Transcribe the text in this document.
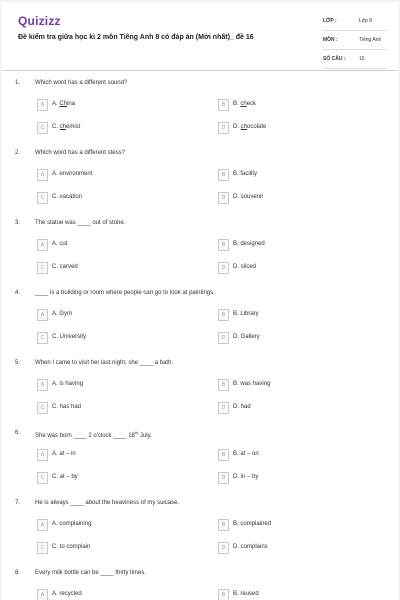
Quizizz
Đề kiểm tra giữa học kì 2 môn Tiếng Anh 8 có đáp án (Mới nhất)_ đề 16
LỚP :	Lớp 8
MÔN :	Tiếng Anh
SỐ CÂU :	15
1. Which word has a different sound?
A	A. China	B	B. check
C	C. chemist	D	D. chocolate
2. Which word has a different stess?
A	A. environment	B	B. facility
C	C. vacation	D	D. souvenir
3. The statue was ____ out of stone.
A	A. cut	B	B. designed
C	C. carved	D	D. sliced
4. ____ is a building or room where people can go to look at paintings.
A	A. Gym	B	B. Library
C	C. University	D	D. Gallery
5. When I came to visit her last night, she ____ a bath.
A	A. is having	B	B. was having
C	C. has had	D	D. had
6. She was born ____ 2 o'clock ____ 18th July.
A	A. at – in	B	B. at – on
C	C. at – by	D	D. in – by
7. He is always ____ about the heaviness of my suicase.
A	A. complaining	B	B. complained
C	C. to complain	D	D. complains
8. Every milk bottle can be ____ thirty times.
A	A. recycled	B	B. reused
